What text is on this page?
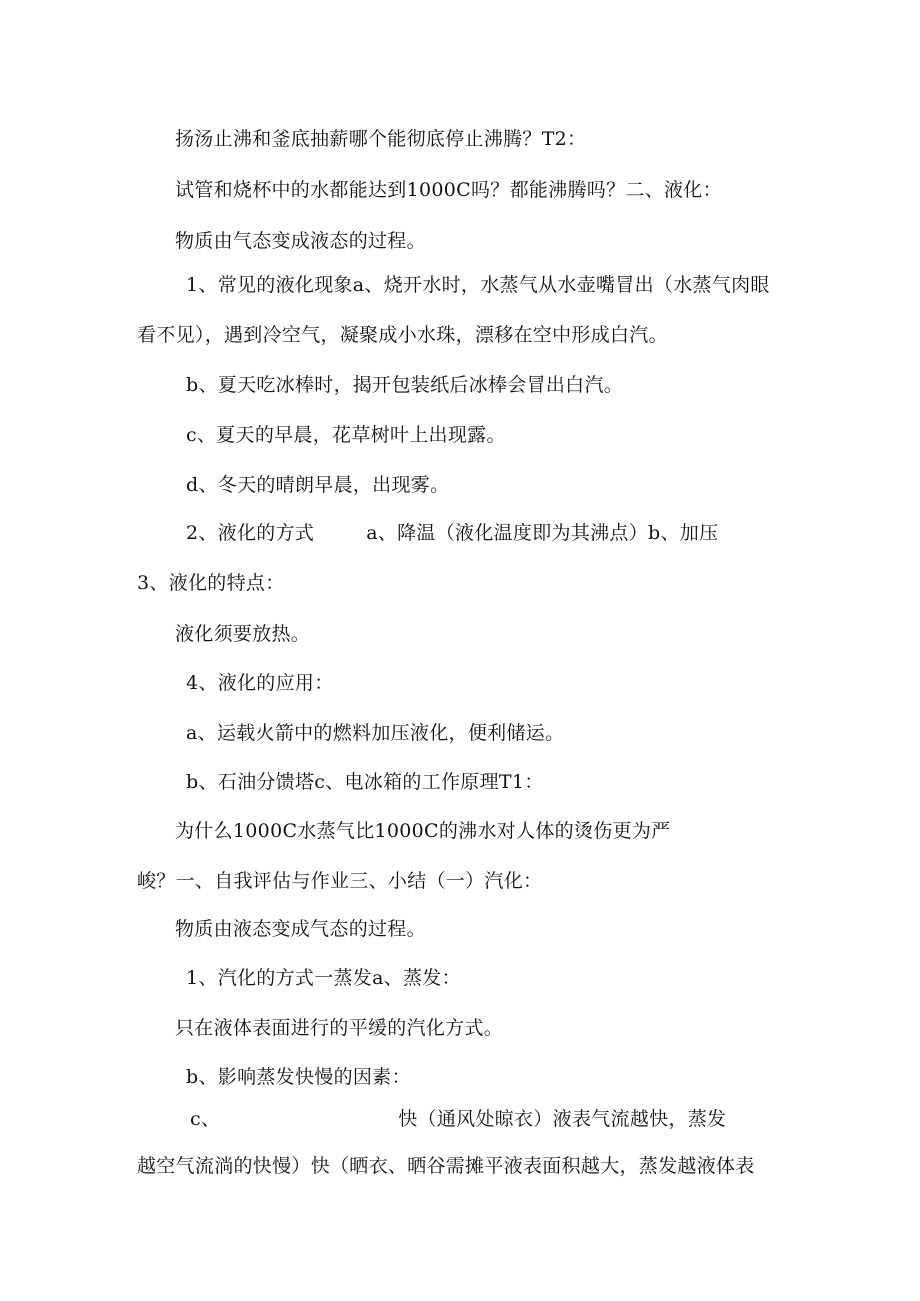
扬汤止沸和釜底抽薪哪个能彻底停止沸腾？T2：
试管和烧杯中的水都能达到1000C吗？都能沸腾吗？二、液化：
物质由气态变成液态的过程。
1、常见的液化现象a、烧开水时，水蒸气从水壶嘴冒出（水蒸气肉眼
看不见），遇到冷空气，凝聚成小水珠，漂移在空中形成白汽。
b、夏天吃冰棒时，揭开包装纸后冰棒会冒出白汽。
c、夏天的早晨，花草树叶上出现露。
d、冬天的晴朗早晨，出现雾。
2、液化的方式	a、降温（液化温度即为其沸点）b、加压
3、液化的特点：
液化须要放热。
4、液化的应用：
a、运载火箭中的燃料加压液化，便利储运。
b、石油分馈塔c、电冰箱的工作原理T1：
为什么1000C水蒸气比1000C的沸水对人体的烫伤更为严
峻？一、自我评估与作业三、小结（一）汽化：
物质由液态变成气态的过程。
1、汽化的方式一蒸发a、蒸发：
只在液体表面进行的平缓的汽化方式。
b、影响蒸发快慢的因素：
c、	快（通风处晾衣）液表气流越快，蒸发
越空气流淌的快慢）快（晒衣、晒谷需摊平液表面积越大，蒸发越液体表
